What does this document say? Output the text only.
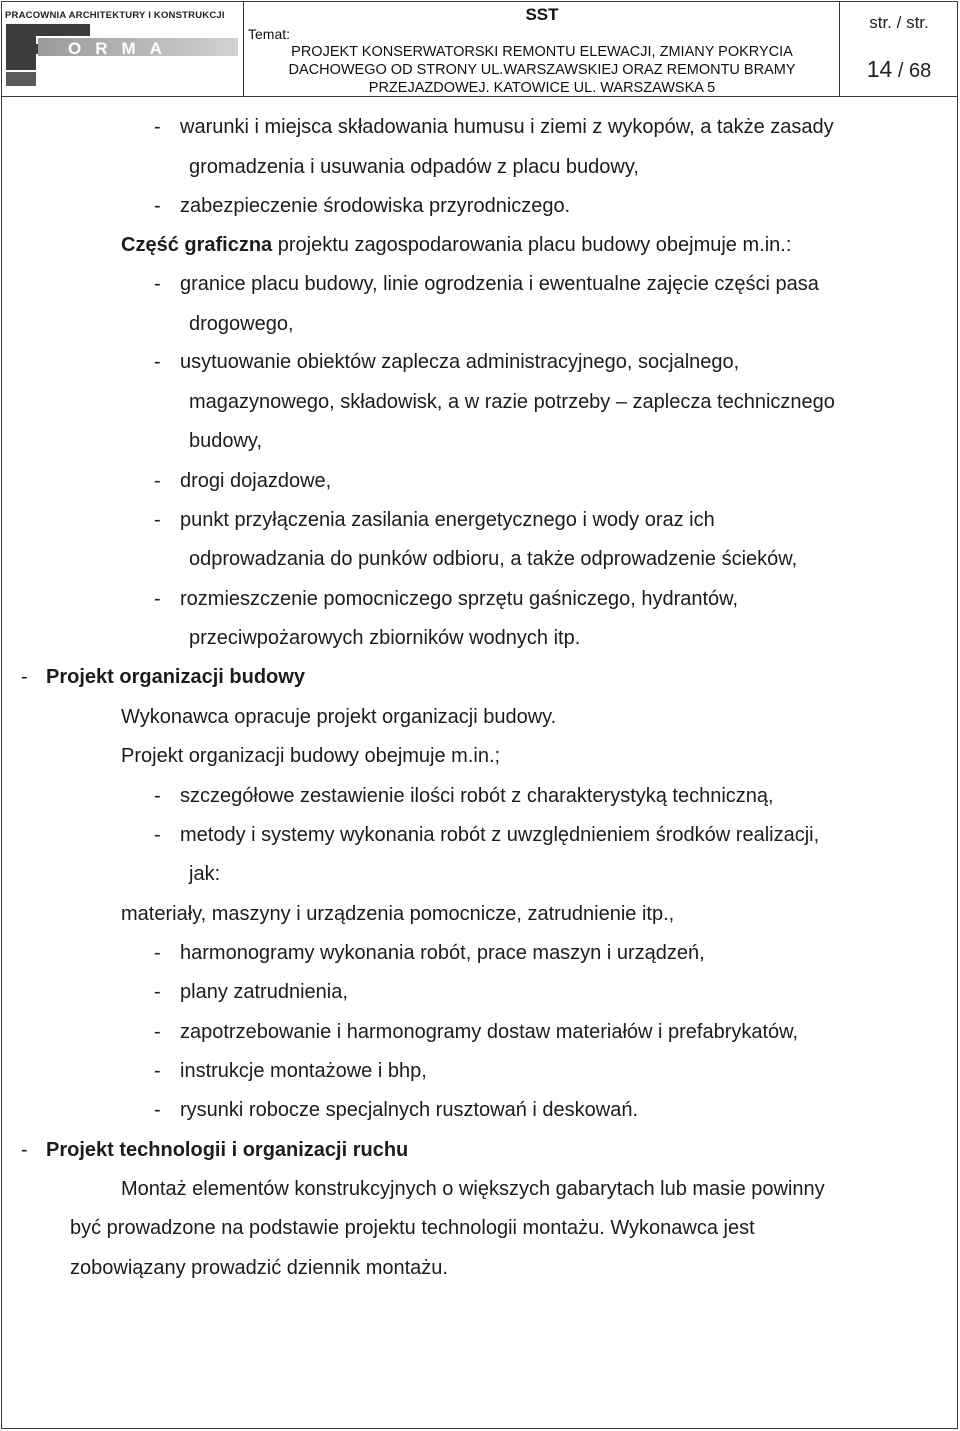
PRACOWNIA ARCHITEKTURY I KONSTRUKCJI
ORMA
SST
Temat:
PROJEKT KONSERWATORSKI REMONTU ELEWACJI, ZMIANY POKRYCIA
DACHOWEGO OD STRONY UL.WARSZAWSKIEJ ORAZ REMONTU BRAMY
PRZEJAZDOWEJ. KATOWICE UL. WARSZAWSKA 5
str. / str.
14 / 68
- warunki i miejsca składowania humusu i ziemi z wykopów, a także zasady
gromadzenia i usuwania odpadów z placu budowy,
- zabezpieczenie środowiska przyrodniczego.
Część graficzna projektu zagospodarowania placu budowy obejmuje m.in.:
- granice placu budowy, linie ogrodzenia i ewentualne zajęcie części pasa
drogowego,
- usytuowanie obiektów zaplecza administracyjnego, socjalnego,
magazynowego, składowisk, a w razie potrzeby – zaplecza technicznego
budowy,
- drogi dojazdowe,
- punkt przyłączenia zasilania energetycznego i wody oraz ich
odprowadzania do punków odbioru, a także odprowadzenie ścieków,
- rozmieszczenie pomocniczego sprzętu gaśniczego, hydrantów,
przeciwpożarowych zbiorników wodnych itp.
- Projekt organizacji budowy
Wykonawca opracuje projekt organizacji budowy.
Projekt organizacji budowy obejmuje m.in.;
- szczegółowe zestawienie ilości robót z charakterystyką techniczną,
- metody i systemy wykonania robót z uwzględnieniem środków realizacji,
jak:
materiały, maszyny i urządzenia pomocnicze, zatrudnienie itp.,
- harmonogramy wykonania robót, prace maszyn i urządzeń,
- plany zatrudnienia,
- zapotrzebowanie i harmonogramy dostaw materiałów i prefabrykatów,
- instrukcje montażowe i bhp,
- rysunki robocze specjalnych rusztowań i deskowań.
- Projekt technologii i organizacji ruchu
Montaż elementów konstrukcyjnych o większych gabarytach lub masie powinny
być prowadzone na podstawie projektu technologii montażu. Wykonawca jest
zobowiązany prowadzić dziennik montażu.
